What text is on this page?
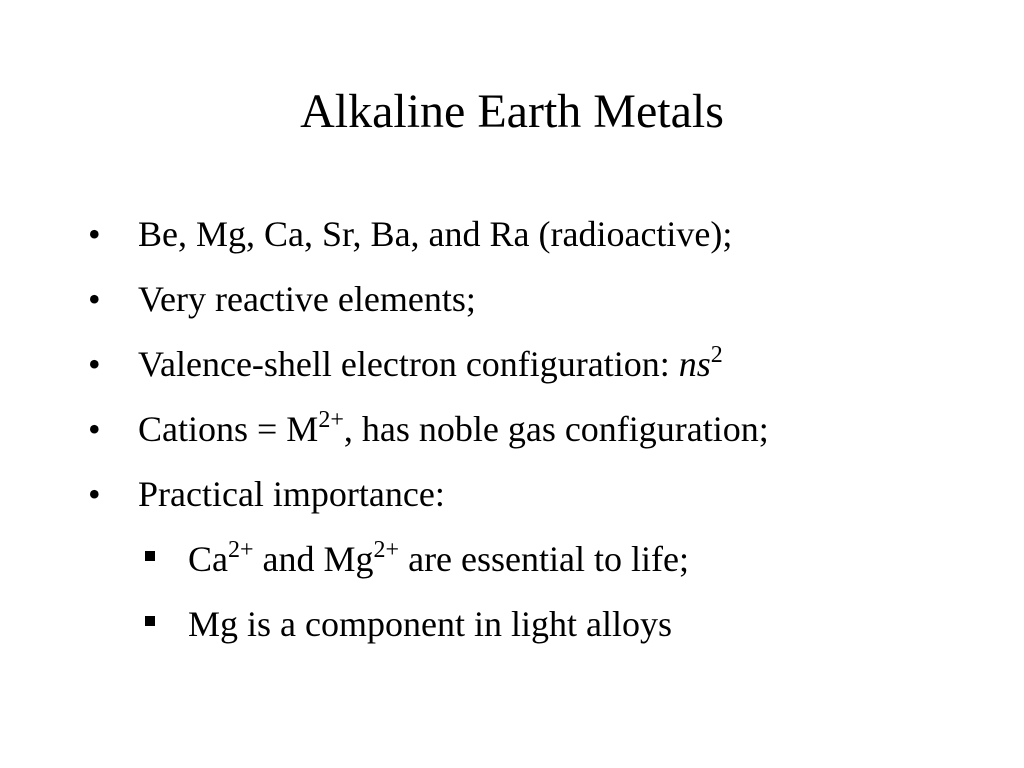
Alkaline Earth Metals
• Be, Mg, Ca, Sr, Ba, and Ra (radioactive);
• Very reactive elements;
• Valence-shell electron configuration: $ns^2$
• Cations = $M^{2+}$, has noble gas configuration;
• Practical importance:
$Ca^{2+}$ and $Mg^{2+}$ are essential to life;
Mg is a component in light alloys
